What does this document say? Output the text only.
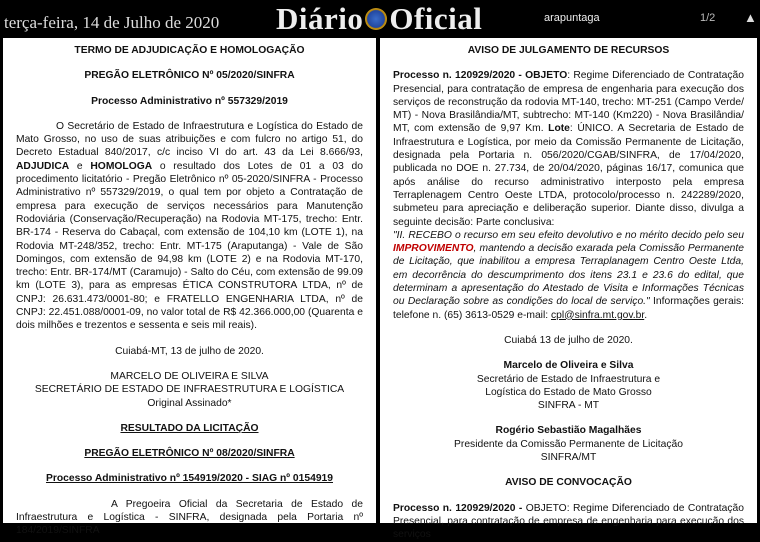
terça-feira, 14 de Julho de 2020 Diário Oficial	arapuntaga	1/2 ▲

TERMO DE ADJUDICAÇÃO E HOMOLOGAÇÃO

PREGÃO ELETRÔNICO Nº 05/2020/SINFRA

Processo Administrativo nº 557329/2019

O Secretário de Estado de Infraestrutura e Logística do Estado de Mato Grosso, no uso de suas atribuições e com fulcro no artigo 51, do Decreto Estadual 840/2017, c/c inciso VI do art. 43 da Lei 8.666/93, ADJUDICA e HOMOLOGA o resultado dos Lotes de 01 a 03 do procedimento licitatório - Pregão Eletrônico nº 05-2020/SINFRA - Processo Administrativo nº 557329/2019, o qual tem por objeto a Contratação de empresa para execução de serviços necessários para Manutenção Rodoviária (Conservação/Recuperação) na Rodovia MT-175, trecho: Entr. BR-174 - Reserva do Cabaçal, com extensão de 104,10 km (LOTE 1), na Rodovia MT-248/352, trecho: Entr. MT-175 (Araputanga) - Vale de São Domingos, com extensão de 94,98 km (LOTE 2) e na Rodovia MT-170, trecho: Entr. BR-174/MT (Caramujo) - Salto do Céu, com extensão de 99.09 km (LOTE 3), para as empresas ÉTICA CONSTRUTORA LTDA, nº de CNPJ: 26.631.473/0001-80; e FRATELLO ENGENHARIA LTDA, nº de CNPJ: 22.451.088/0001-09, no valor total de R$ 42.366.000,00 (Quarenta e dois milhões e trezentos e sessenta e seis mil reais).

Cuiabá-MT, 13 de julho de 2020.

MARCELO DE OLIVEIRA E SILVA

SECRETÁRIO DE ESTADO DE INFRAESTRUTURA E LOGÍSTICA

Original Assinado*

RESULTADO DA LICITAÇÃO

PREGÃO ELETRÔNICO Nº 08/2020/SINFRA

Processo Administrativo nº 154919/2020 - SIAG nº 0154919

A Pregoeira Oficial da Secretaria de Estado de Infraestrutura e Logística - SINFRA, designada pela Portaria nº 184/2019/SINFRA

AVISO DE JULGAMENTO DE RECURSOS

Processo n. 120929/2020 - OBJETO: Regime Diferenciado de Contratação Presencial, para contratação de empresa de engenharia para execução dos serviços de reconstrução da rodovia MT-140, trecho: MT-251 (Campo Verde/ MT) - Nova Brasilândia/MT, subtrecho: MT-140 (Km220) - Nova Brasilândia/ MT, com extensão de 9,97 Km. Lote: ÚNICO. A Secretaria de Estado de Infraestrutura e Logística, por meio da Comissão Permanente de Licitação, designada pela Portaria n. 056/2020/CGAB/SINFRA, de 17/04/2020, publicada no DOE n. 27.734, de 20/04/2020, páginas 16/17, comunica que após análise do recurso administrativo interposto pela empresa Terraplenagem Centro Oeste LTDA, protocolo/processo n. 242289/2020, submeteu para apreciação e deliberação superior. Diante disso, divulga a seguinte decisão: Parte conclusiva:

"II. RECEBO o recurso em seu efeito devolutivo e no mérito decido pelo seu IMPROVIMENTO, mantendo a decisão exarada pela Comissão Permanente de Licitação, que inabilitou a empresa Terraplanagem Centro Oeste Ltda, em decorrência do descumprimento dos itens 23.1 e 23.6 do edital, que determinam a apresentação do Atestado de Visita e Informações Técnicas ou Declaração sobre as condições do local de serviço." Informações gerais: telefone n. (65) 3613-0529 e-mail: cpl@sinfra.mt.gov.br.

Cuiabá 13 de julho de 2020.

Marcelo de Oliveira e Silva

Secretário de Estado de Infraestrutura e

Logística do Estado de Mato Grosso

SINFRA - MT

Rogério Sebastião Magalhães

Presidente da Comissão Permanente de Licitação

SINFRA/MT

AVISO DE CONVOCAÇÃO

Processo n. 120929/2020 - OBJETO: Regime Diferenciado de Contratação Presencial, para contratação de empresa de engenharia para execução dos serviços
